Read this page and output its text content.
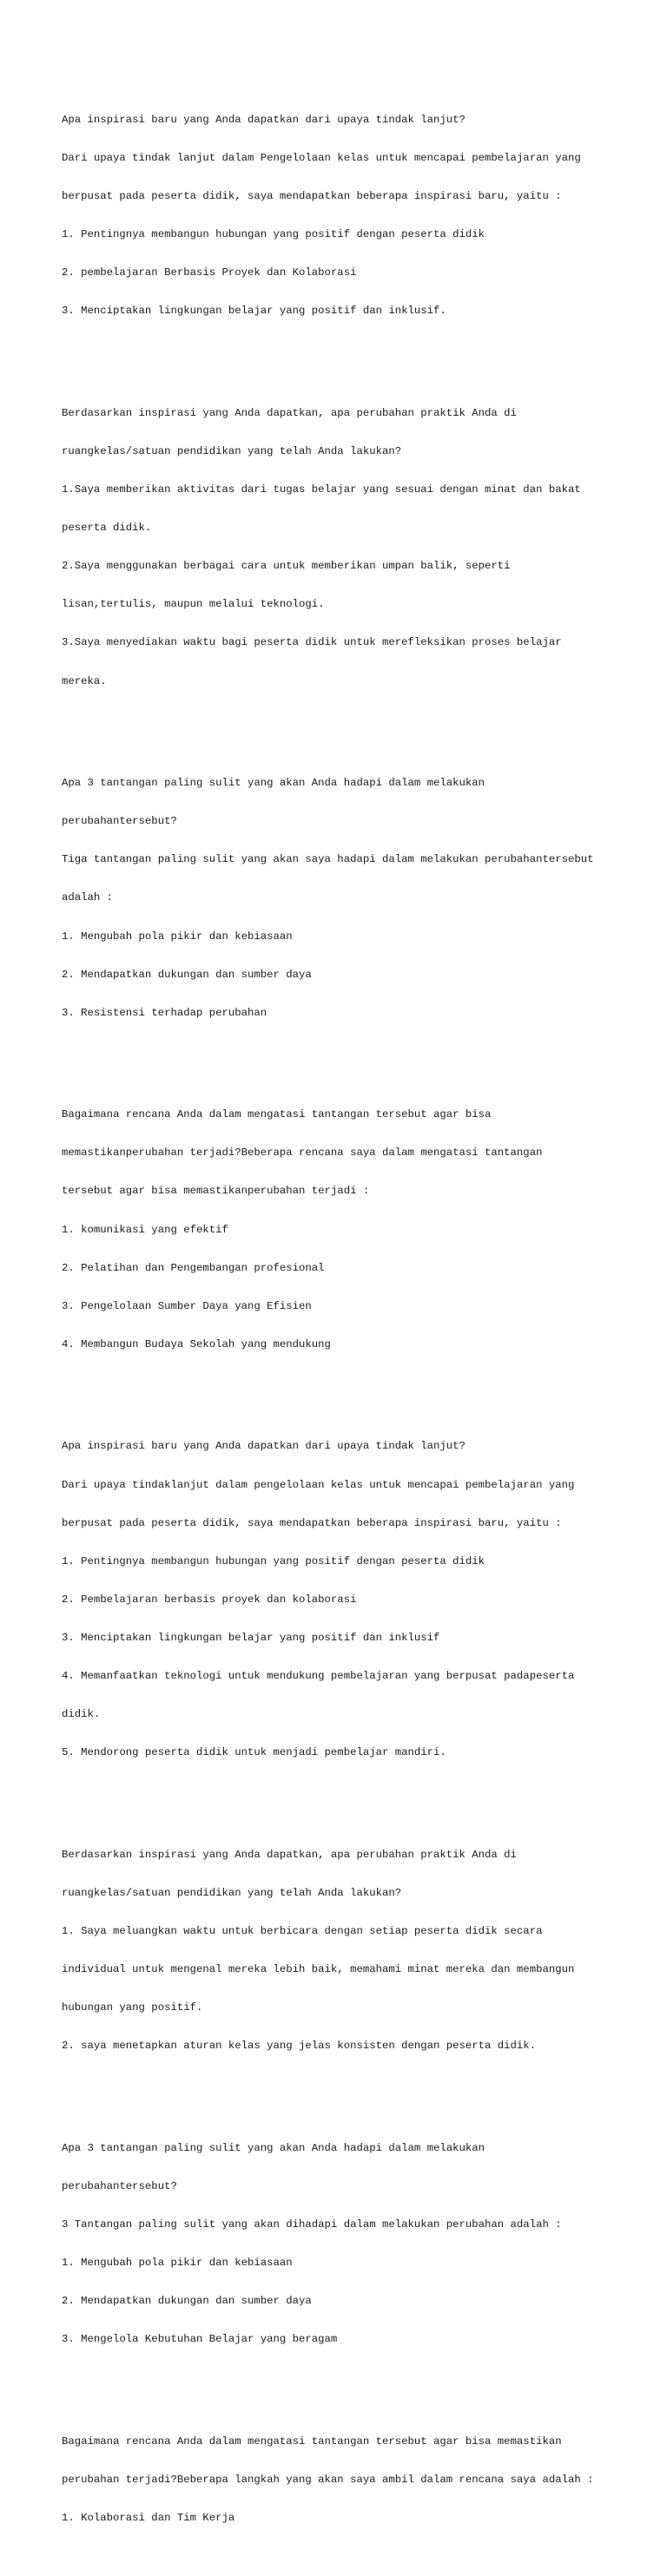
Apa inspirasi baru yang Anda dapatkan dari upaya tindak lanjut?

Dari upaya tindak lanjut dalam Pengelolaan kelas untuk mencapai pembelajaran yang

berpusat pada peserta didik, saya mendapatkan beberapa inspirasi baru, yaitu :

1. Pentingnya membangun hubungan yang positif dengan peserta didik

2. pembelajaran Berbasis Proyek dan Kolaborasi

3. Menciptakan lingkungan belajar yang positif dan inklusif.

Berdasarkan inspirasi yang Anda dapatkan, apa perubahan praktik Anda di

ruangkelas/satuan pendidikan yang telah Anda lakukan?

1.Saya memberikan aktivitas dari tugas belajar yang sesuai dengan minat dan bakat

peserta didik.

2.Saya menggunakan berbagai cara untuk memberikan umpan balik, seperti

lisan,tertulis, maupun melalui teknologi.

3.Saya menyediakan waktu bagi peserta didik untuk merefleksikan proses belajar

mereka.

Apa 3 tantangan paling sulit yang akan Anda hadapi dalam melakukan

perubahantersebut?

Tiga tantangan paling sulit yang akan saya hadapi dalam melakukan perubahantersebut

adalah :

1. Mengubah pola pikir dan kebiasaan

2. Mendapatkan dukungan dan sumber daya

3. Resistensi terhadap perubahan

Bagaimana rencana Anda dalam mengatasi tantangan tersebut agar bisa

memastikanperubahan terjadi?Beberapa rencana saya dalam mengatasi tantangan

tersebut agar bisa memastikanperubahan terjadi :

1. komunikasi yang efektif

2. Pelatihan dan Pengembangan profesional

3. Pengelolaan Sumber Daya yang Efisien

4. Membangun Budaya Sekolah yang mendukung

Apa inspirasi baru yang Anda dapatkan dari upaya tindak lanjut?

Dari upaya tindaklanjut dalam pengelolaan kelas untuk mencapai pembelajaran yang

berpusat pada peserta didik, saya mendapatkan beberapa inspirasi baru, yaitu :

1. Pentingnya membangun hubungan yang positif dengan peserta didik

2. Pembelajaran berbasis proyek dan kolaborasi

3. Menciptakan lingkungan belajar yang positif dan inklusif

4. Memanfaatkan teknologi untuk mendukung pembelajaran yang berpusat padapeserta

didik.

5. Mendorong peserta didik untuk menjadi pembelajar mandiri.

Berdasarkan inspirasi yang Anda dapatkan, apa perubahan praktik Anda di

ruangkelas/satuan pendidikan yang telah Anda lakukan?

1. Saya meluangkan waktu untuk berbicara dengan setiap peserta didik secara

individual untuk mengenal mereka lebih baik, memahami minat mereka dan membangun

hubungan yang positif.

2. saya menetapkan aturan kelas yang jelas konsisten dengan peserta didik.

Apa 3 tantangan paling sulit yang akan Anda hadapi dalam melakukan

perubahantersebut?

3 Tantangan paling sulit yang akan dihadapi dalam melakukan perubahan adalah :

1. Mengubah pola pikir dan kebiasaan

2. Mendapatkan dukungan dan sumber daya

3. Mengelola Kebutuhan Belajar yang beragam

Bagaimana rencana Anda dalam mengatasi tantangan tersebut agar bisa memastikan

perubahan terjadi?Beberapa langkah yang akan saya ambil dalam rencana saya adalah :

1. Kolaborasi dan Tim Kerja
